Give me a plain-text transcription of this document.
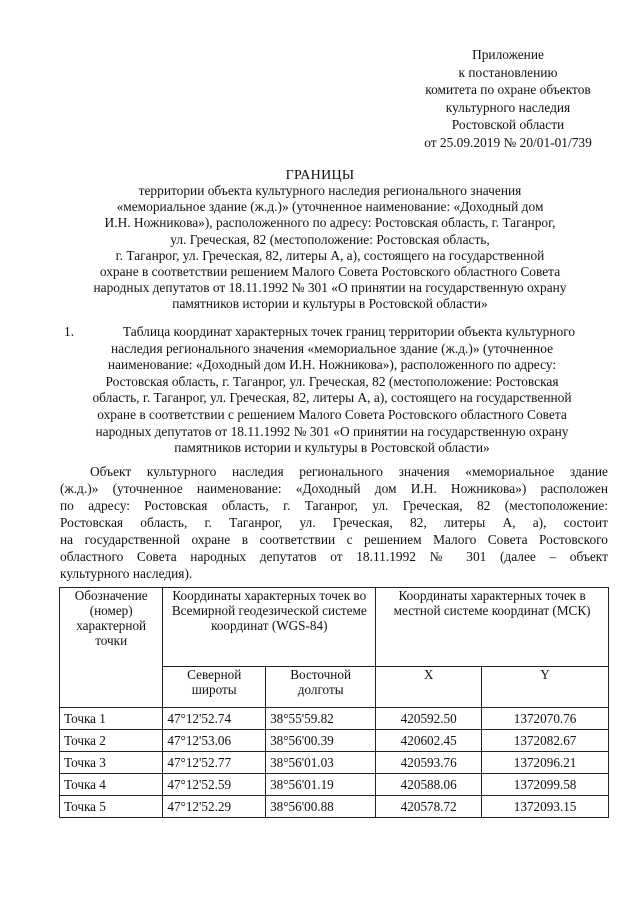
Приложение
к постановлению
комитета по охране объектов
культурного наследия
Ростовской области
от 25.09.2019 № 20/01-01/739
ГРАНИЦЫ
территории объекта культурного наследия регионального значения
«мемориальное здание (ж.д.)» (уточненное наименование: «Доходный дом
И.Н. Ножникова»), расположенного по адресу: Ростовская область, г. Таганрог,
ул. Греческая, 82 (местоположение: Ростовская область,
г. Таганрог, ул. Греческая, 82, литеры А, а), состоящего на государственной
охране в соответствии решением Малого Совета Ростовского областного Совета
народных депутатов от 18.11.1992 № 301 «О принятии на государственную охрану
памятников истории и культуры в Ростовской области»
1.	Таблица координат характерных точек границ территории объекта культурного
наследия регионального значения «мемориальное здание (ж.д.)» (уточненное
наименование: «Доходный дом И.Н. Ножникова»), расположенного по адресу:
Ростовская область, г. Таганрог, ул. Греческая, 82 (местоположение: Ростовская
область, г. Таганрог, ул. Греческая, 82, литеры А, а), состоящего на государственной
охране в соответствии с решением Малого Совета Ростовского областного Совета
народных депутатов от 18.11.1992 № 301 «О принятии на государственную охрану
памятников истории и культуры в Ростовской области»
Объект культурного наследия регионального значения «мемориальное здание
(ж.д.)» (уточненное наименование: «Доходный дом И.Н. Ножникова») расположен
по адресу: Ростовская область, г. Таганрог, ул. Греческая, 82 (местоположение:
Ростовская область, г. Таганрог, ул. Греческая, 82, литеры А, а), состоит
на государственной охране в соответствии с решением Малого Совета Ростовского
областного Совета народных депутатов от 18.11.1992 № 301 (далее – объект
культурного наследия).
Обозначение (номер) характерной точки	Координаты характерных точек во Всемирной геодезической системе координат (WGS-84)		Координаты характерных точек в местной системе координат (МСК)	
	Северной широты	Восточной долготы	X	Y
Точка 1	47°12'52.74	38°55'59.82	420592.50	1372070.76
Точка 2	47°12'53.06	38°56'00.39	420602.45	1372082.67
Точка 3	47°12'52.77	38°56'01.03	420593.76	1372096.21
Точка 4	47°12'52.59	38°56'01.19	420588.06	1372099.58
Точка 5	47°12'52.29	38°56'00.88	420578.72	1372093.15
